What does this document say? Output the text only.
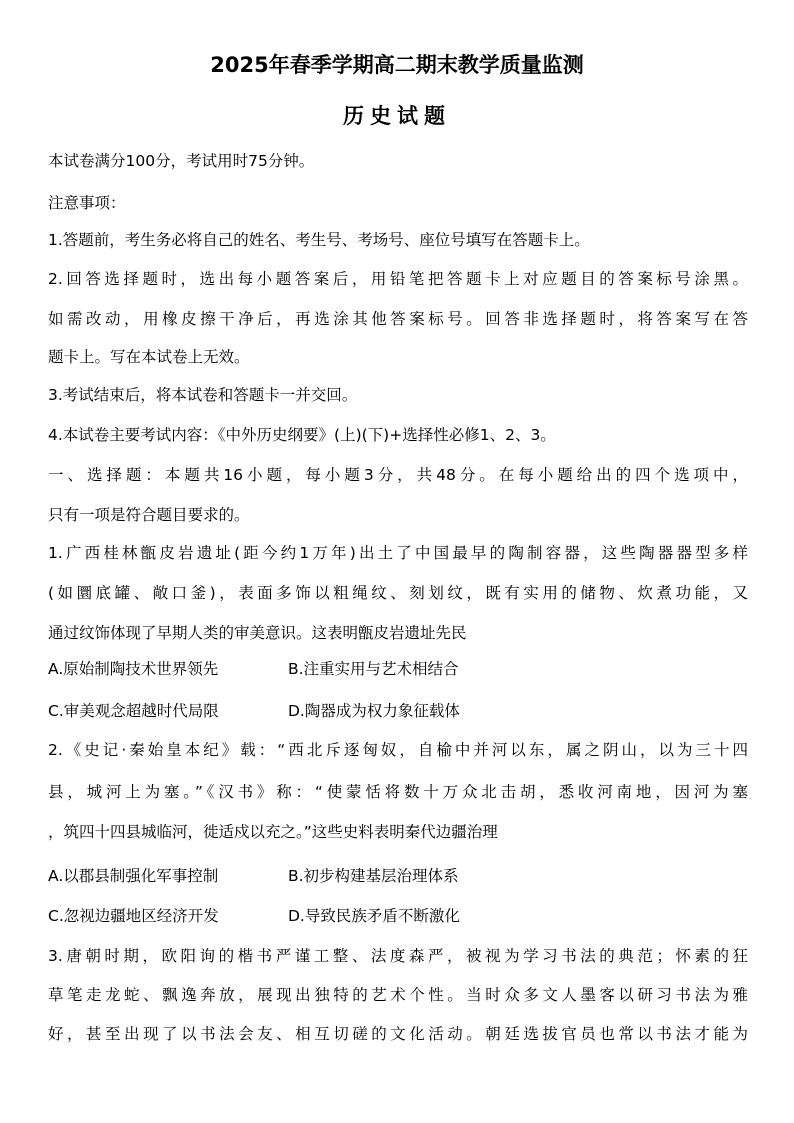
2025年春季学期高二期末教学质量监测
历史试题
本试卷满分100分，考试用时75分钟。
注意事项：
1.答题前，考生务必将自己的姓名、考生号、考场号、座位号填写在答题卡上。
2.回答选择题时，选出每小题答案后，用铅笔把答题卡上对应题目的答案标号涂黑。
如需改动，用橡皮擦干净后，再选涂其他答案标号。回答非选择题时，将答案写在答
题卡上。写在本试卷上无效。
3.考试结束后，将本试卷和答题卡一并交回。
4.本试卷主要考试内容：《中外历史纲要》(上)(下)+选择性必修1、2、3。
一、选择题：本题共16小题，每小题3分，共48分。在每小题给出的四个选项中，
只有一项是符合题目要求的。
1.广西桂林甑皮岩遗址(距今约1万年)出土了中国最早的陶制容器，这些陶器器型多样
(如圜底罐、敞口釜)，表面多饰以粗绳纹、刻划纹，既有实用的储物、炊煮功能，又
通过纹饰体现了早期人类的审美意识。这表明甑皮岩遗址先民
A.原始制陶技术世界领先	B.注重实用与艺术相结合
C.审美观念超越时代局限	D.陶器成为权力象征载体
2.《史记·秦始皇本纪》载：“西北斥逐匈奴，自榆中并河以东，属之阴山，以为三十四
县，城河上为塞。”《汉书》称：“使蒙恬将数十万众北击胡，悉收河南地，因河为塞
，筑四十四县城临河，徙适戍以充之。”这些史料表明秦代边疆治理
A.以郡县制强化军事控制	B.初步构建基层治理体系
C.忽视边疆地区经济开发	D.导致民族矛盾不断激化
3.唐朝时期，欧阳询的楷书严谨工整、法度森严，被视为学习书法的典范；怀素的狂
草笔走龙蛇、飘逸奔放，展现出独特的艺术个性。当时众多文人墨客以研习书法为雅
好，甚至出现了以书法会友、相互切磋的文化活动。朝廷选拔官员也常以书法才能为
